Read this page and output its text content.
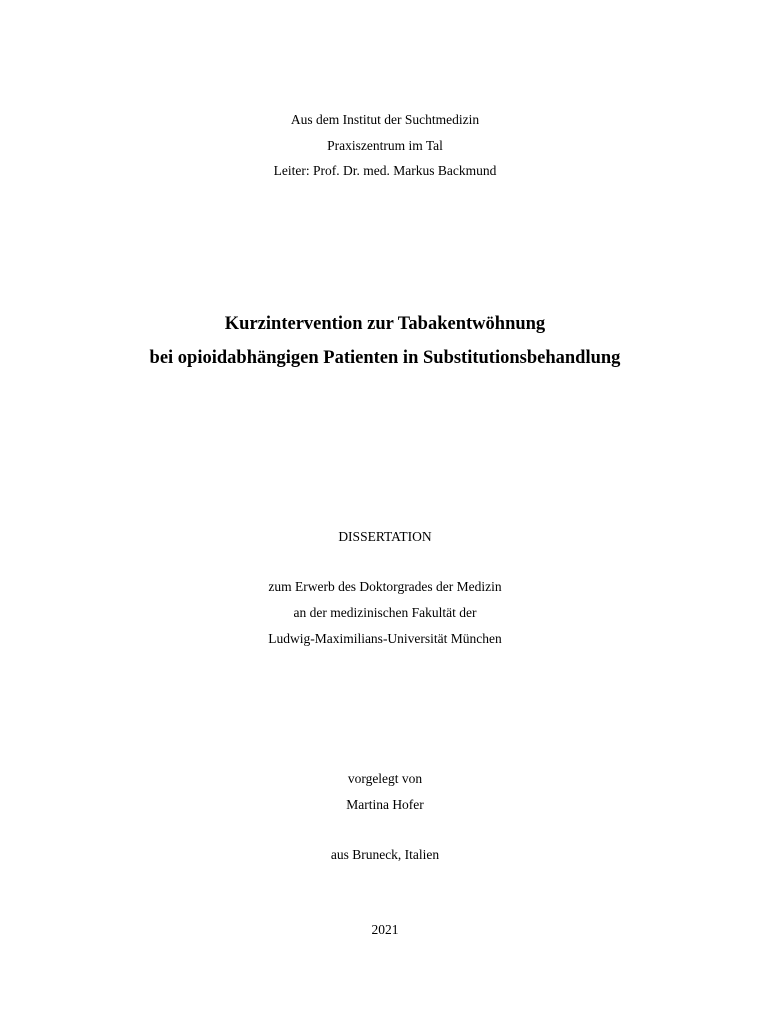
Aus dem Institut der Suchtmedizin
Praxiszentrum im Tal
Leiter: Prof. Dr. med. Markus Backmund
Kurzintervention zur Tabakentwöhnung
bei opioidabhängigen Patienten in Substitutionsbehandlung
DISSERTATION
zum Erwerb des Doktorgrades der Medizin
an der medizinischen Fakultät der
Ludwig-Maximilians-Universität München
vorgelegt von
Martina Hofer
aus Bruneck, Italien
2021
